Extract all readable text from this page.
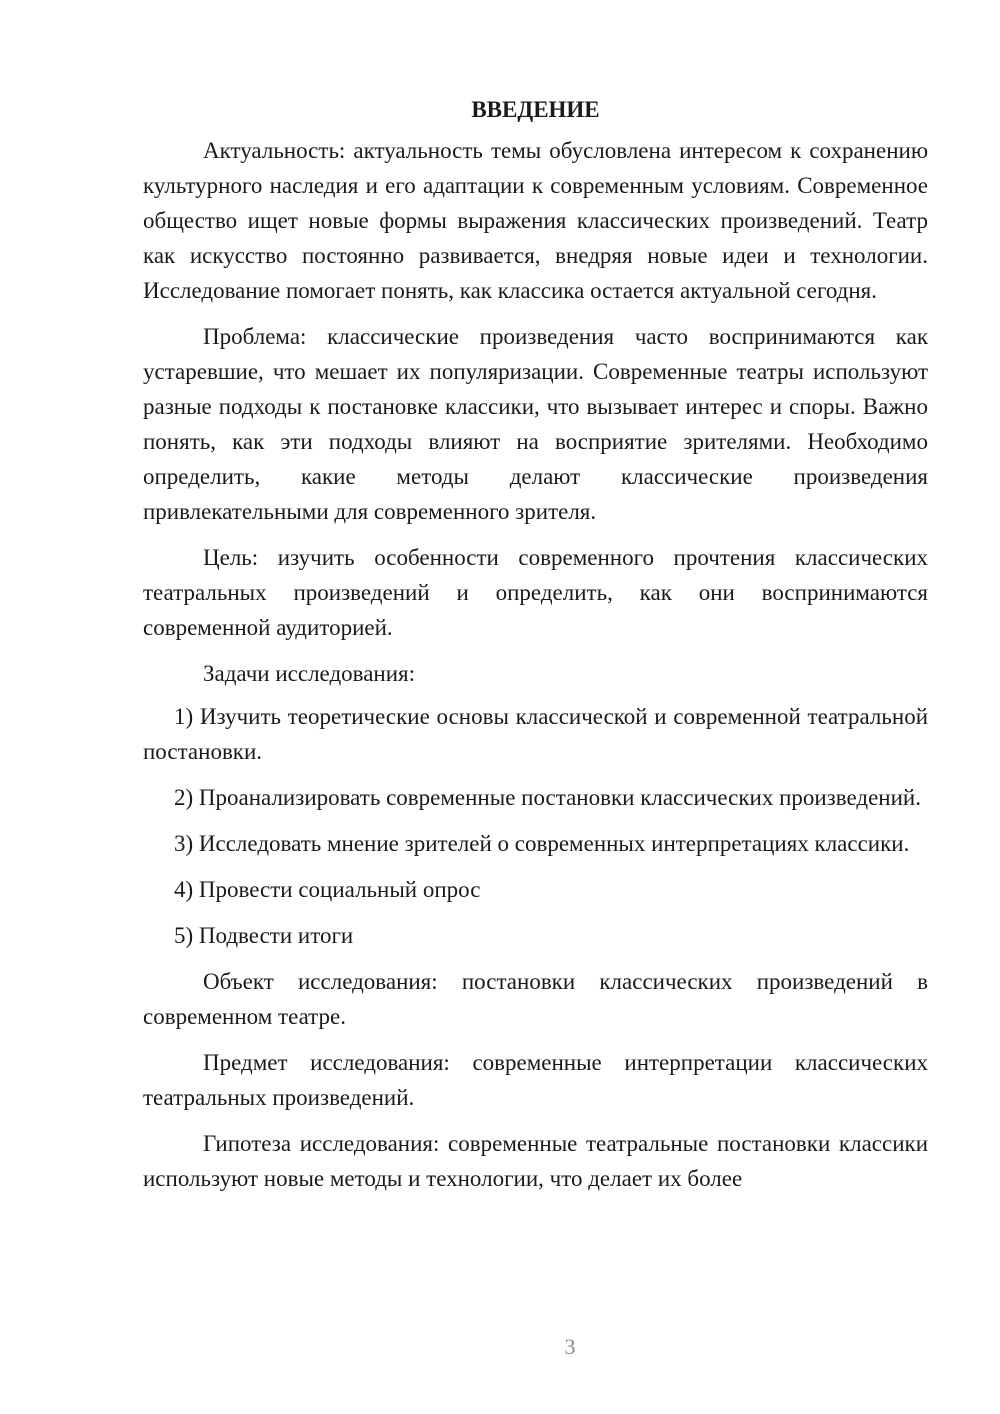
ВВЕДЕНИЕ

Актуальность: актуальность темы обусловлена интересом к сохранению культурного наследия и его адаптации к современным условиям. Современное общество ищет новые формы выражения классических произведений. Театр как искусство постоянно развивается, внедряя новые идеи и технологии. Исследование помогает понять, как классика остается актуальной сегодня.

Проблема: классические произведения часто воспринимаются как устаревшие, что мешает их популяризации. Современные театры используют разные подходы к постановке классики, что вызывает интерес и споры. Важно понять, как эти подходы влияют на восприятие зрителями. Необходимо определить, какие методы делают классические произведения привлекательными для современного зрителя.

Цель: изучить особенности современного прочтения классических театральных произведений и определить, как они воспринимаются современной аудиторией.

Задачи исследования:

1) Изучить теоретические основы классической и современной театральной постановки.

2) Проанализировать современные постановки классических произведений.

3) Исследовать мнение зрителей о современных интерпретациях классики.

4) Провести социальный опрос

5) Подвести итоги

Объект исследования: постановки классических произведений в современном театре.

Предмет исследования: современные интерпретации классических театральных произведений.

Гипотеза исследования: современные театральные постановки классики используют новые методы и технологии, что делает их более

3
